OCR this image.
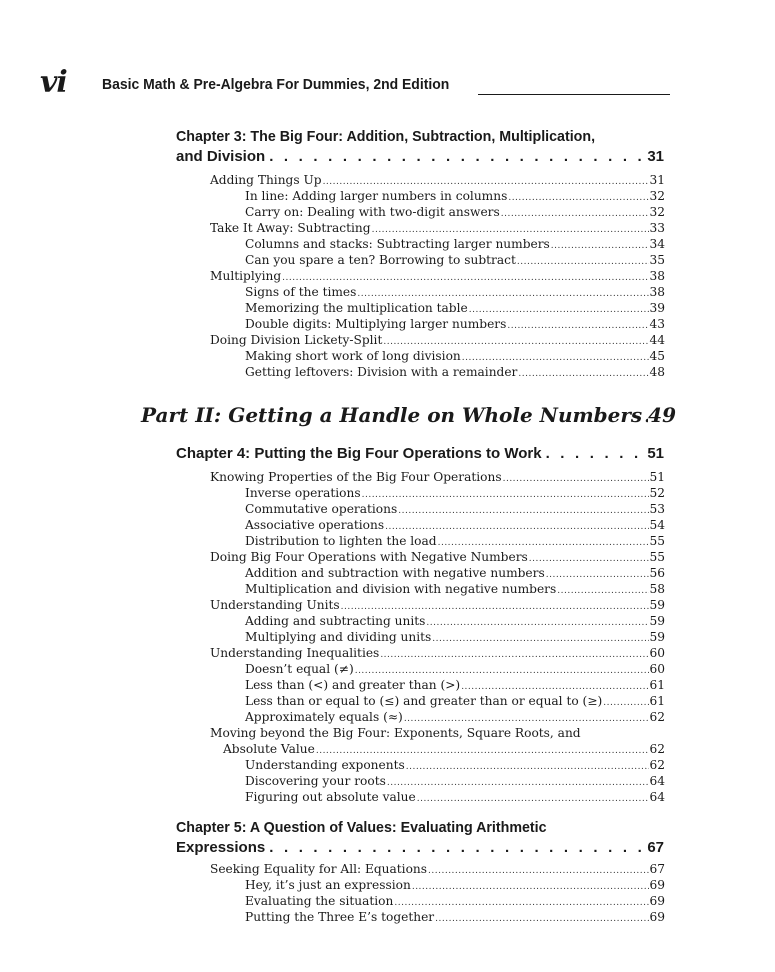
vi Basic Math & Pre-Algebra For Dummies, 2nd Edition
Chapter 3: The Big Four: Addition, Subtraction, Multiplication,
and Division . . .	31
Adding Things Up .....	31
In line: Adding larger numbers in columns .....	32
Carry on: Dealing with two-digit answers .....	32
Take It Away: Subtracting .....	33
Columns and stacks: Subtracting larger numbers .....	34
Can you spare a ten? Borrowing to subtract .....	35
Multiplying .....	38
Signs of the times .....	38
Memorizing the multiplication table .....	39
Double digits: Multiplying larger numbers .....	43
Doing Division Lickety-Split .....	44
Making short work of long division .....	45
Getting leftovers: Division with a remainder .....	48
Part II: Getting a Handle on Whole Numbers ..... 49
Chapter 4: Putting the Big Four Operations to Work . . .	51
Knowing Properties of the Big Four Operations .....	51
Inverse operations .....	52
Commutative operations .....	53
Associative operations .....	54
Distribution to lighten the load .....	55
Doing Big Four Operations with Negative Numbers .....	55
Addition and subtraction with negative numbers .....	56
Multiplication and division with negative numbers .....	58
Understanding Units .....	59
Adding and subtracting units .....	59
Multiplying and dividing units .....	59
Understanding Inequalities .....	60
Doesn’t equal (≠) .....	60
Less than (<) and greater than (>) .....	61
Less than or equal to (≤) and greater than or equal to (≥) .....	61
Approximately equals (≈) .....	62
Moving beyond the Big Four: Exponents, Square Roots, and
Absolute Value .....	62
Understanding exponents .....	62
Discovering your roots .....	64
Figuring out absolute value .....	64
Chapter 5: A Question of Values: Evaluating Arithmetic
Expressions . . .	67
Seeking Equality for All: Equations .....	67
Hey, it’s just an expression .....	69
Evaluating the situation .....	69
Putting the Three E’s together .....	69
